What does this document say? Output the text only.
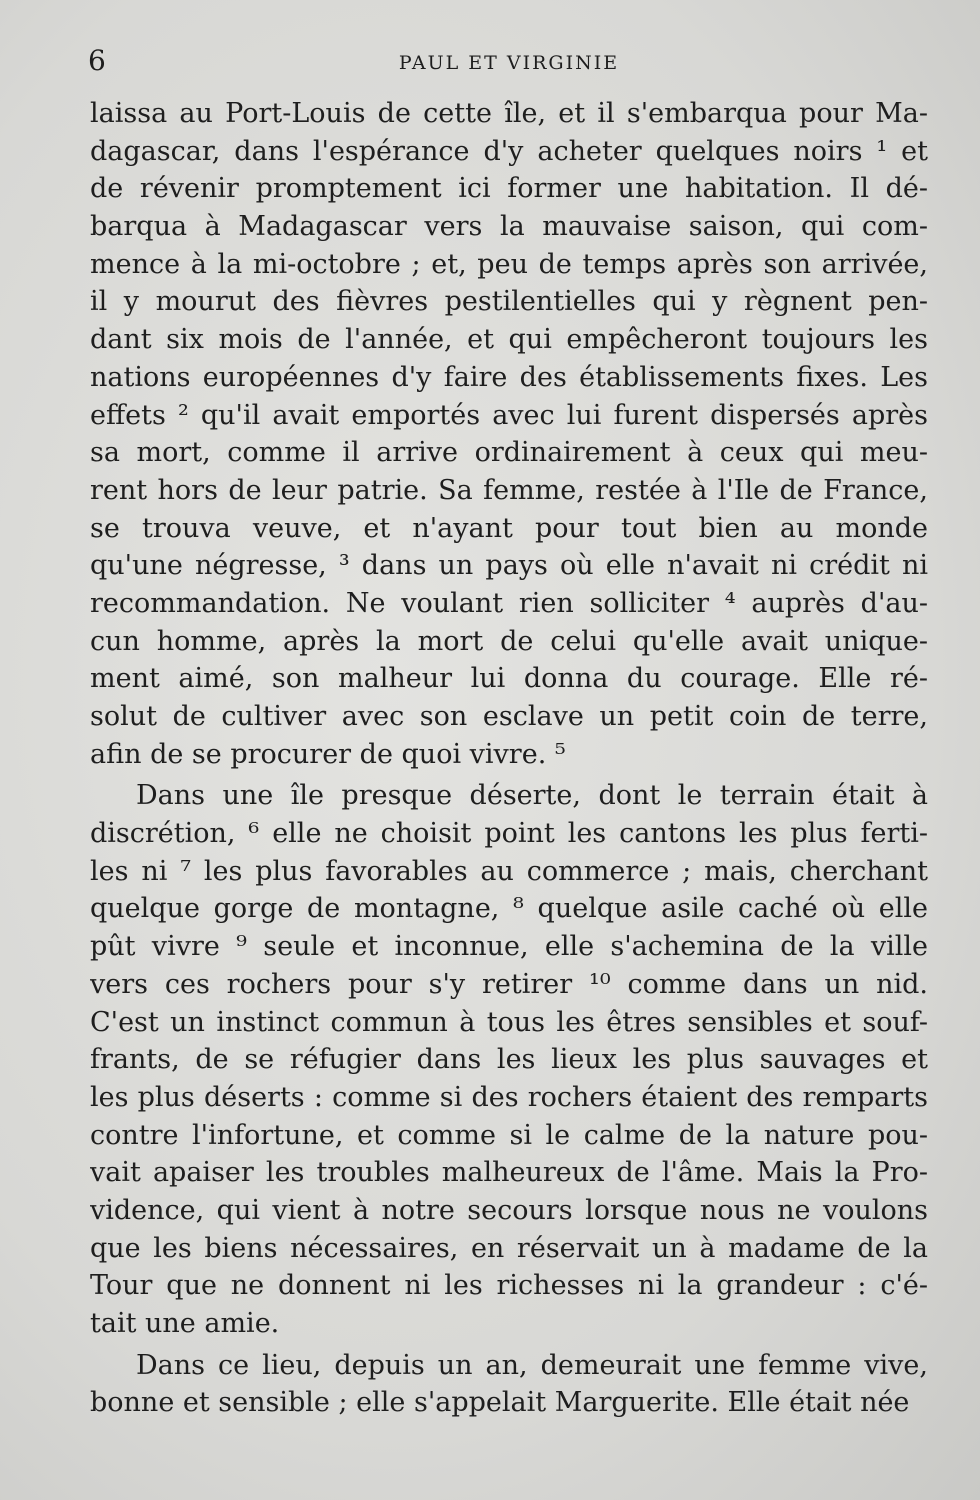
6	PAUL ET VIRGINIE
laissa au Port-Louis de cette île, et il s'embarqua pour Ma-
dagascar, dans l'espérance d'y acheter quelques noirs ¹ et
de révenir promptement ici former une habitation. Il dé-
barqua à Madagascar vers la mauvaise saison, qui com-
mence à la mi-octobre ; et, peu de temps après son arrivée,
il y mourut des fièvres pestilentielles qui y règnent pen-
dant six mois de l'année, et qui empêcheront toujours les
nations européennes d'y faire des établissements fixes. Les
effets ² qu'il avait emportés avec lui furent dispersés après
sa mort, comme il arrive ordinairement à ceux qui meu-
rent hors de leur patrie. Sa femme, restée à l'Ile de France,
se trouva veuve, et n'ayant pour tout bien au monde
qu'une négresse, ³ dans un pays où elle n'avait ni crédit ni
recommandation. Ne voulant rien solliciter ⁴ auprès d'au-
cun homme, après la mort de celui qu'elle avait unique-
ment aimé, son malheur lui donna du courage. Elle ré-
solut de cultiver avec son esclave un petit coin de terre,
afin de se procurer de quoi vivre. ⁵
Dans une île presque déserte, dont le terrain était à
discrétion, ⁶ elle ne choisit point les cantons les plus ferti-
les ni ⁷ les plus favorables au commerce ; mais, cherchant
quelque gorge de montagne, ⁸ quelque asile caché où elle
pût vivre ⁹ seule et inconnue, elle s'achemina de la ville
vers ces rochers pour s'y retirer ¹⁰ comme dans un nid.
C'est un instinct commun à tous les êtres sensibles et souf-
frants, de se réfugier dans les lieux les plus sauvages et
les plus déserts : comme si des rochers étaient des remparts
contre l'infortune, et comme si le calme de la nature pou-
vait apaiser les troubles malheureux de l'âme. Mais la Pro-
vidence, qui vient à notre secours lorsque nous ne voulons
que les biens nécessaires, en réservait un à madame de la
Tour que ne donnent ni les richesses ni la grandeur : c'é-
tait une amie.
Dans ce lieu, depuis un an, demeurait une femme vive,
bonne et sensible ; elle s'appelait Marguerite. Elle était née
